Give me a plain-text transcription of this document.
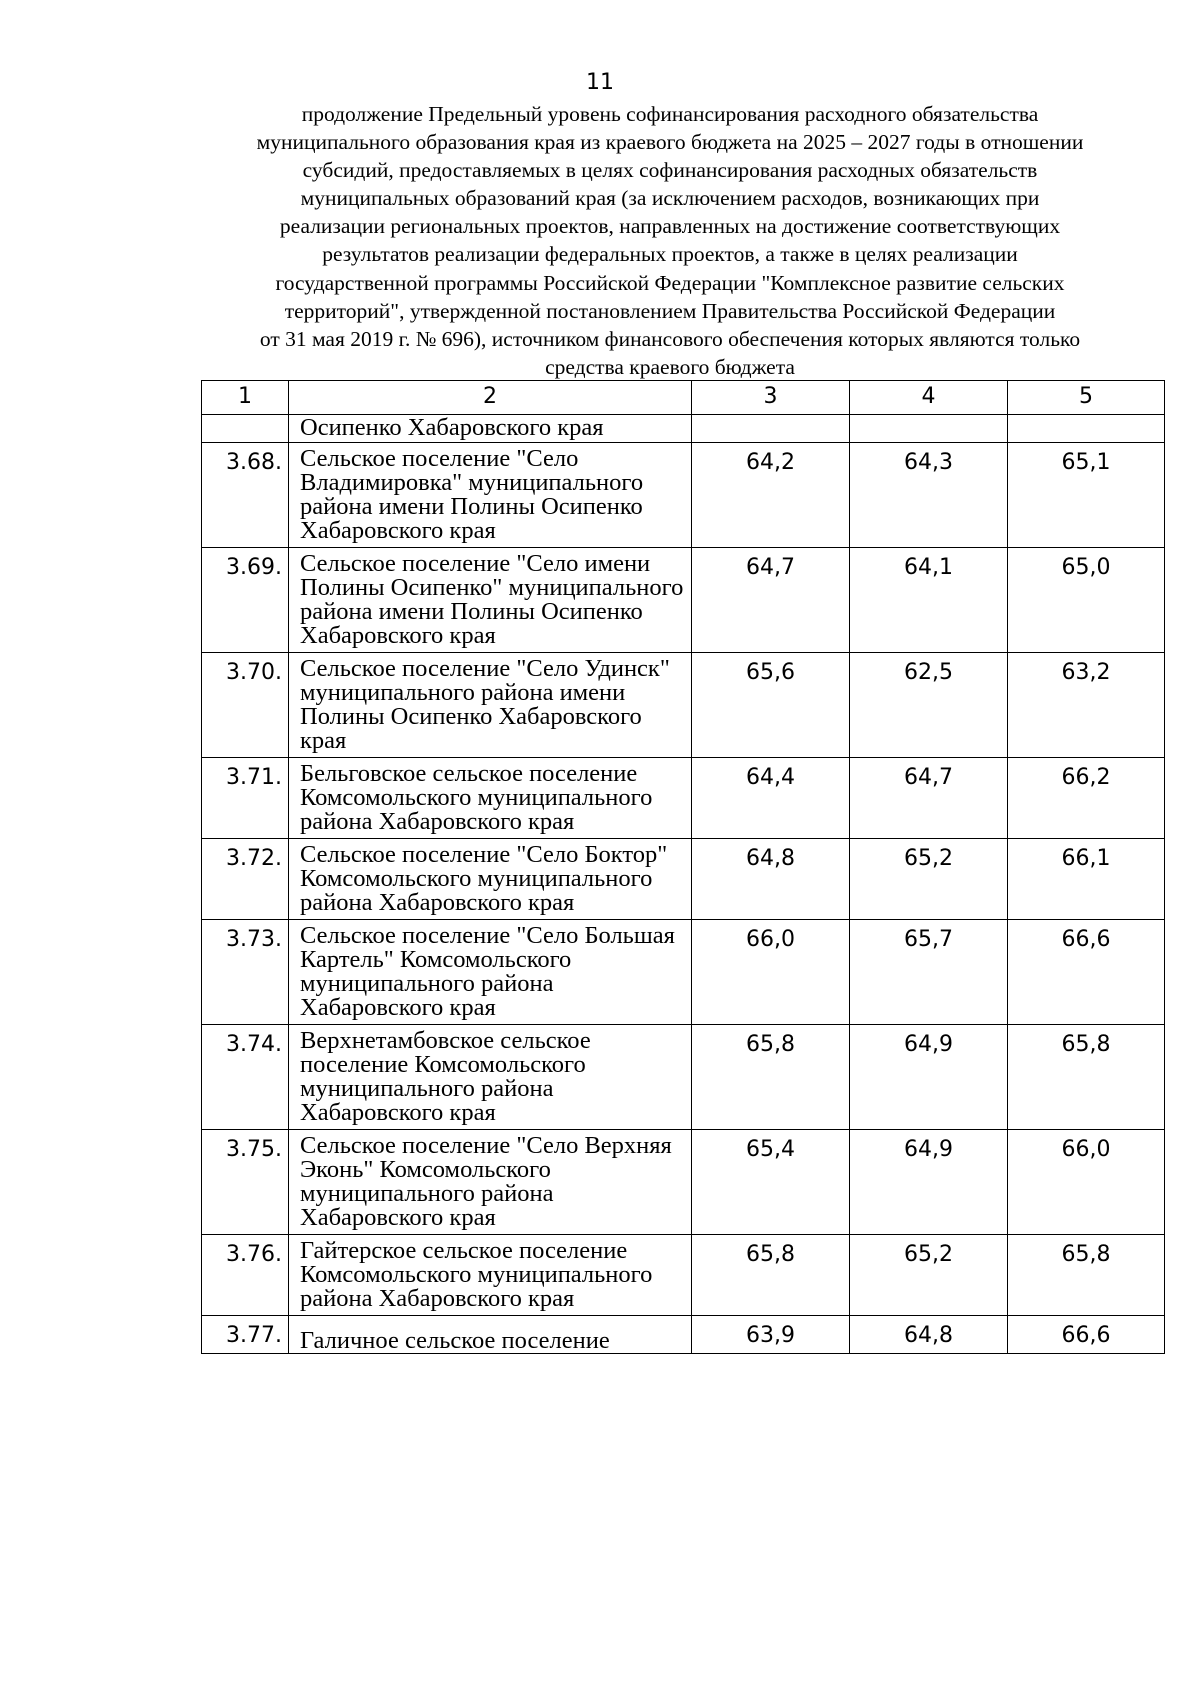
11
продолжение Предельный уровень софинансирования расходного обязательства
муниципального образования края из краевого бюджета на 2025 – 2027 годы в отношении
субсидий, предоставляемых в целях софинансирования расходных обязательств
муниципальных образований края (за исключением расходов, возникающих при
реализации региональных проектов, направленных на достижение соответствующих
результатов реализации федеральных проектов, а также в целях реализации
государственной программы Российской Федерации "Комплексное развитие сельских
территорий", утвержденной постановлением Правительства Российской Федерации
от 31 мая 2019 г. № 696), источником финансового обеспечения которых являются только
средства краевого бюджета
1	2	3	4	5
	Осипенко Хабаровского края			
3.68.	Сельское поселение "Село Владимировка" муниципального района имени Полины Осипенко Хабаровского края	64,2	64,3	65,1
3.69.	Сельское поселение "Село имени Полины Осипенко" муниципального района имени Полины Осипенко Хабаровского края	64,7	64,1	65,0
3.70.	Сельское поселение "Село Удинск" муниципального района имени Полины Осипенко Хабаровского края	65,6	62,5	63,2
3.71.	Бельговское сельское поселение Комсомольского муниципального района Хабаровского края	64,4	64,7	66,2
3.72.	Сельское поселение "Село Боктор" Комсомольского муниципального района Хабаровского края	64,8	65,2	66,1
3.73.	Сельское поселение "Село Большая Картель" Комсомольского муниципального района Хабаровского края	66,0	65,7	66,6
3.74.	Верхнетамбовское сельское поселение Комсомольского муниципального района Хабаровского края	65,8	64,9	65,8
3.75.	Сельское поселение "Село Верхняя Эконь" Комсомольского муниципального района Хабаровского края	65,4	64,9	66,0
3.76.	Гайтерское сельское поселение Комсомольского муниципального района Хабаровского края	65,8	65,2	65,8
3.77.	Галичное сельское поселение	63,9	64,8	66,6
